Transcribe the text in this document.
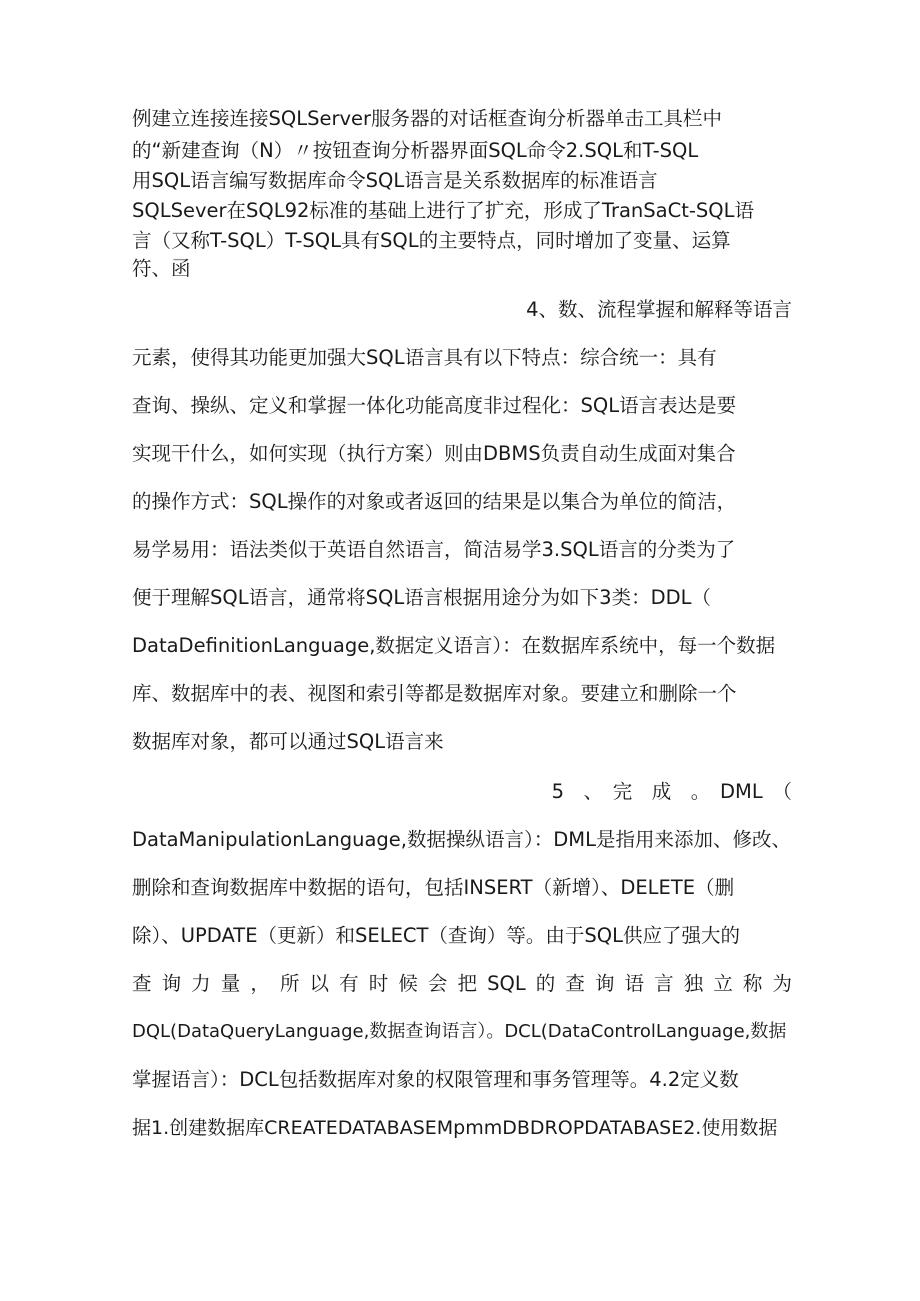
例建立连接连接SQLServer服务器的对话框查询分析器单击工具栏中
的“新建查询（N）〃按钮查询分析器界面SQL命令2.SQL和T-SQL
用SQL语言编写数据库命令SQL语言是关系数据库的标准语言
SQLSever在SQL92标准的基础上进行了扩充，形成了TranSaCt-SQL语
言（又称T-SQL）T-SQL具有SQL的主要特点，同时增加了变量、运算
符、函
4、数、流程掌握和解释等语言
元素，使得其功能更加强大SQL语言具有以下特点：综合统一：具有
查询、操纵、定义和掌握一体化功能高度非过程化：SQL语言表达是要
实现干什么，如何实现（执行方案）则由DBMS负责自动生成面对集合
的操作方式：SQL操作的对象或者返回的结果是以集合为单位的简洁，
易学易用：语法类似于英语自然语言，简洁易学3.SQL语言的分类为了
便于理解SQL语言，通常将SQL语言根据用途分为如下3类：DDL（
DataDefinitionLanguage,数据定义语言）：在数据库系统中，每一个数据
库、数据库中的表、视图和索引等都是数据库对象。要建立和删除一个
数据库对象，都可以通过SQL语言来
5　、　完　成　。　DML　（
DataManipulationLanguage,数据操纵语言）：DML是指用来添加、修改、
删除和查询数据库中数据的语句，包括INSERT（新增）、DELETE（删
除）、UPDATE（更新）和SELECT（查询）等。由于SQL供应了强大的
查询力量，所以有时候会把SQL的查询语言独立称为
DQL(DataQueryLanguage,数据查询语言）。DCL(DataControlLanguage,数据
掌握语言）：DCL包括数据库对象的权限管理和事务管理等。4.2定义数
据1.创建数据库CREATEDATABASEMpmmDBDROPDATABASE2.使用数据
